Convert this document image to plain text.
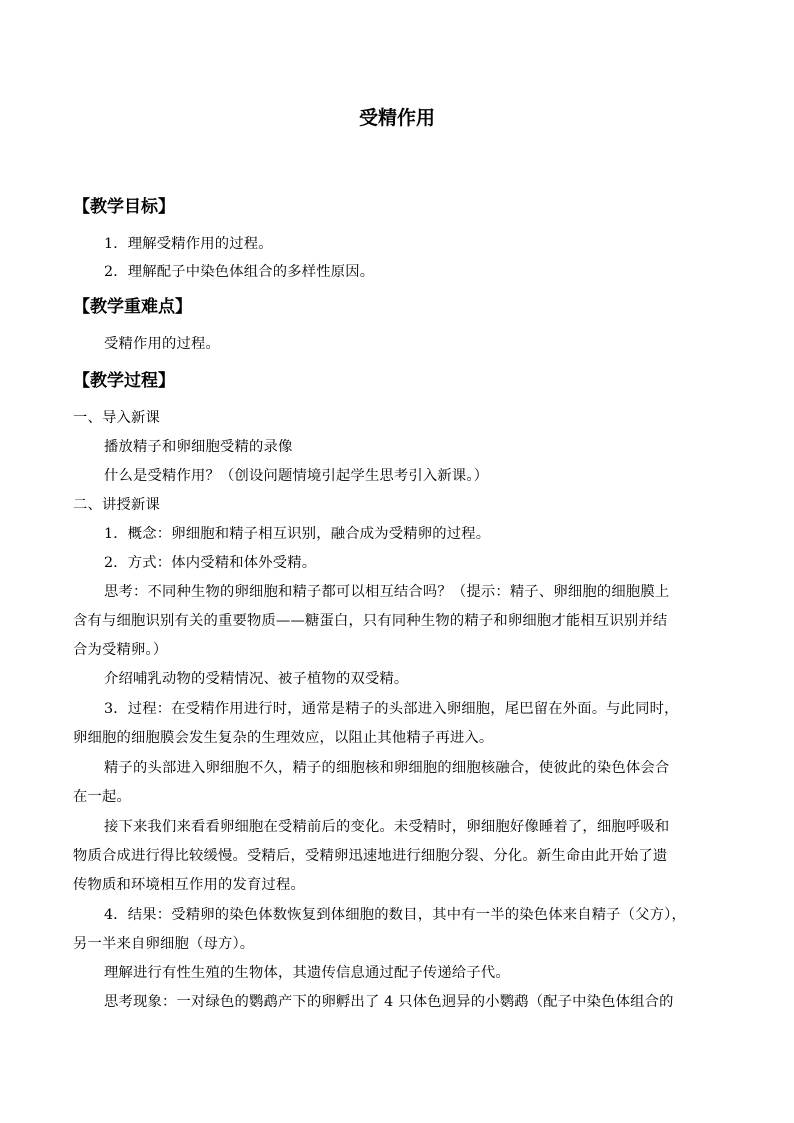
受精作用
【教学目标】
1．理解受精作用的过程。
2．理解配子中染色体组合的多样性原因。
【教学重难点】
受精作用的过程。
【教学过程】
一、导入新课
播放精子和卵细胞受精的录像
什么是受精作用？（创设问题情境引起学生思考引入新课。）
二、讲授新课
1．概念：卵细胞和精子相互识别，融合成为受精卵的过程。
2．方式：体内受精和体外受精。
思考：不同种生物的卵细胞和精子都可以相互结合吗？（提示：精子、卵细胞的细胞膜上
含有与细胞识别有关的重要物质——糖蛋白，只有同种生物的精子和卵细胞才能相互识别并结
合为受精卵。）
介绍哺乳动物的受精情况、被子植物的双受精。
3．过程：在受精作用进行时，通常是精子的头部进入卵细胞，尾巴留在外面。与此同时，
卵细胞的细胞膜会发生复杂的生理效应，以阻止其他精子再进入。
精子的头部进入卵细胞不久，精子的细胞核和卵细胞的细胞核融合，使彼此的染色体会合
在一起。
接下来我们来看看卵细胞在受精前后的变化。未受精时，卵细胞好像睡着了，细胞呼吸和
物质合成进行得比较缓慢。受精后，受精卵迅速地进行细胞分裂、分化。新生命由此开始了遗
传物质和环境相互作用的发育过程。
4．结果：受精卵的染色体数恢复到体细胞的数目，其中有一半的染色体来自精子（父方），
另一半来自卵细胞（母方）。
理解进行有性生殖的生物体，其遗传信息通过配子传递给子代。
思考现象：一对绿色的鹦鹉产下的卵孵出了 4 只体色迥异的小鹦鹉（配子中染色体组合的
